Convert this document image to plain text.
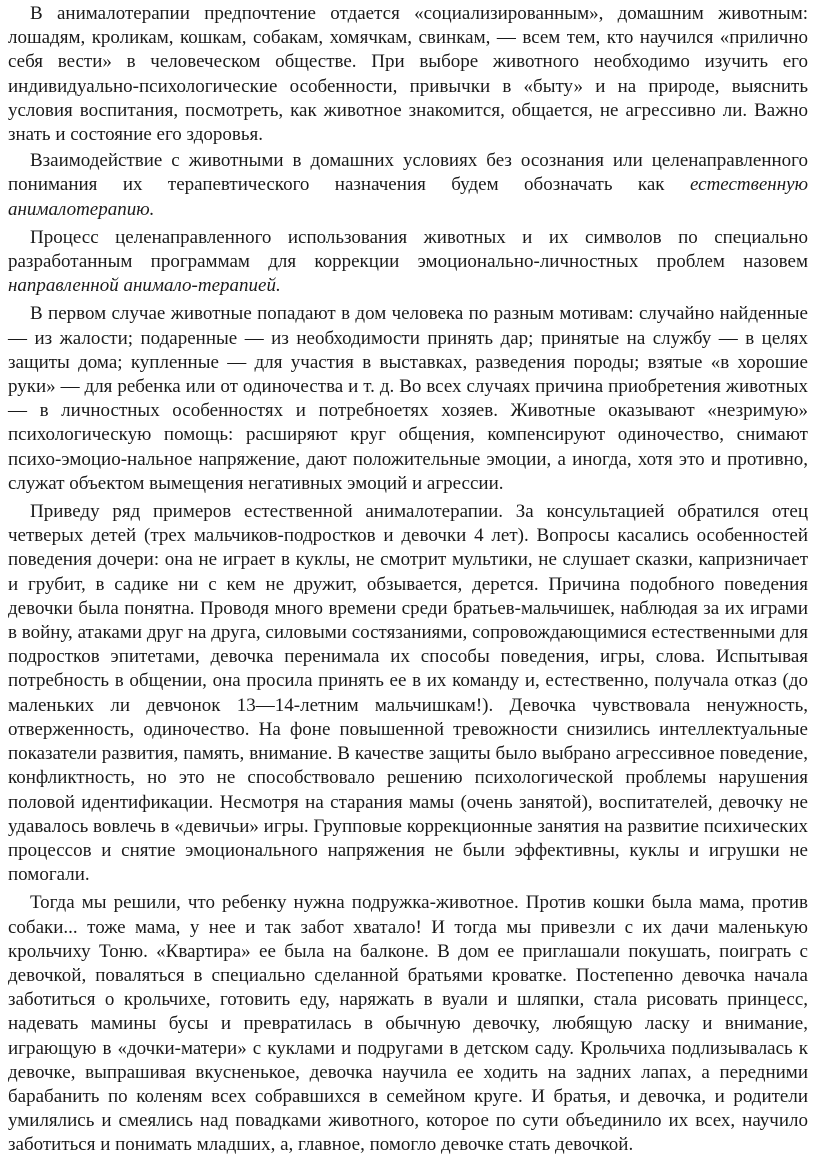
В анималотерапии предпочтение отдается «социализированным», домашним животным: лошадям, кроликам, кошкам, собакам, хомячкам, свинкам, — всем тем, кто научился «прилично себя вести» в человеческом обществе. При выборе животного необходимо изучить его индивидуально-психологические особенности, привычки в «быту» и на природе, выяснить условия воспитания, посмотреть, как животное знакомится, общается, не агрессивно ли. Важно знать и состояние его здоровья.

Взаимодействие с животными в домашних условиях без осознания или целенаправленного понимания их терапевтического назначения будем обозначать как естественную анималотерапию.

Процесс целенаправленного использования животных и их символов по специально разработанным программам для коррекции эмоционально-личностных проблем назовем направленной анимало-терапией.

В первом случае животные попадают в дом человека по разным мотивам: случайно найденные — из жалости; подаренные — из необходимости принять дар; принятые на службу — в целях защиты дома; купленные — для участия в выставках, разведения породы; взятые «в хорошие руки» — для ребенка или от одиночества и т. д. Во всех случаях причина приобретения животных — в личностных особенностях и потребноетях хозяев. Животные оказывают «незримую» психологическую помощь: расширяют круг общения, компенсируют одиночество, снимают психо-эмоцио-нальное напряжение, дают положительные эмоции, а иногда, хотя это и противно, служат объектом вымещения негативных эмоций и агрессии.

Приведу ряд примеров естественной анималотерапии. За консультацией обратился отец четверых детей (трех мальчиков-подростков и девочки 4 лет). Вопросы касались особенностей поведения дочери: она не играет в куклы, не смотрит мультики, не слушает сказки, капризничает и грубит, в садике ни с кем не дружит, обзывается, дерется. Причина подобного поведения девочки была понятна. Проводя много времени среди братьев-мальчишек, наблюдая за их играми в войну, атаками друг на друга, силовыми состязаниями, сопровождающимися естественными для подростков эпитетами, девочка перенимала их способы поведения, игры, слова. Испытывая потребность в общении, она просила принять ее в их команду и, естественно, получала отказ (до маленьких ли девчонок 13—14-летним мальчишкам!). Девочка чувствовала ненужность, отверженность, одиночество. На фоне повышенной тревожности снизились интеллектуальные показатели развития, память, внимание. В качестве защиты было выбрано агрессивное поведение, конфликтность, но это не способствовало решению психологической проблемы нарушения половой идентификации. Несмотря на старания мамы (очень занятой), воспитателей, девочку не удавалось вовлечь в «девичьи» игры. Групповые коррекционные занятия на развитие психических процессов и снятие эмоционального напряжения не были эффективны, куклы и игрушки не помогали.

Тогда мы решили, что ребенку нужна подружка-животное. Против кошки была мама, против собаки... тоже мама, у нее и так забот хватало! И тогда мы привезли с их дачи маленькую крольчиху Тоню. «Квартира» ее была на балконе. В дом ее приглашали покушать, поиграть с девочкой, поваляться в специально сделанной братьями кроватке. Постепенно девочка начала заботиться о крольчихе, готовить еду, наряжать в вуали и шляпки, стала рисовать принцесс, надевать мамины бусы и превратилась в обычную девочку, любящую ласку и внимание, играющую в «дочки-матери» с куклами и подругами в детском саду. Крольчиха подлизывалась к девочке, выпрашивая вкусненькое, девочка научила ее ходить на задних лапах, а передними барабанить по коленям всех собравшихся в семейном круге. И братья, и девочка, и родители умилялись и смеялись над повадками животного, которое по сути объединило их всех, научило заботиться и понимать младших, а, главное, помогло девочке стать девочкой.
